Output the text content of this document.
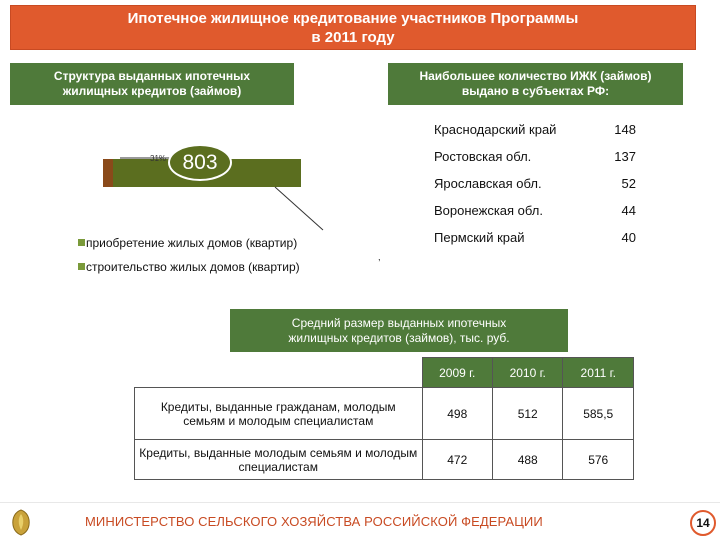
Ипотечное жилищное кредитование участников Программы
в 2011 году
Структура выданных ипотечных
жилищных кредитов (займов)
Наибольшее количество ИЖК (займов)
выдано в субъектах РФ:
31% 803
приобретение жилых домов (квартир)
строительство жилых домов (квартир)
,
Краснодарский край	148
Ростовская обл.	137
Ярославская обл.	52
Воронежская обл.	44
Пермский край	40
Средний размер выданных ипотечных
жилищных кредитов (займов), тыс. руб.
	2009 г.	2010 г.	2011 г.
Кредиты, выданные гражданам, молодым семьям и молодым специалистам	498	512	585,5
Кредиты, выданные молодым семьям и молодым специалистам	472	488	576
МИНИСТЕРСТВО СЕЛЬСКОГО ХОЗЯЙСТВА РОССИЙСКОЙ ФЕДЕРАЦИИ	14
